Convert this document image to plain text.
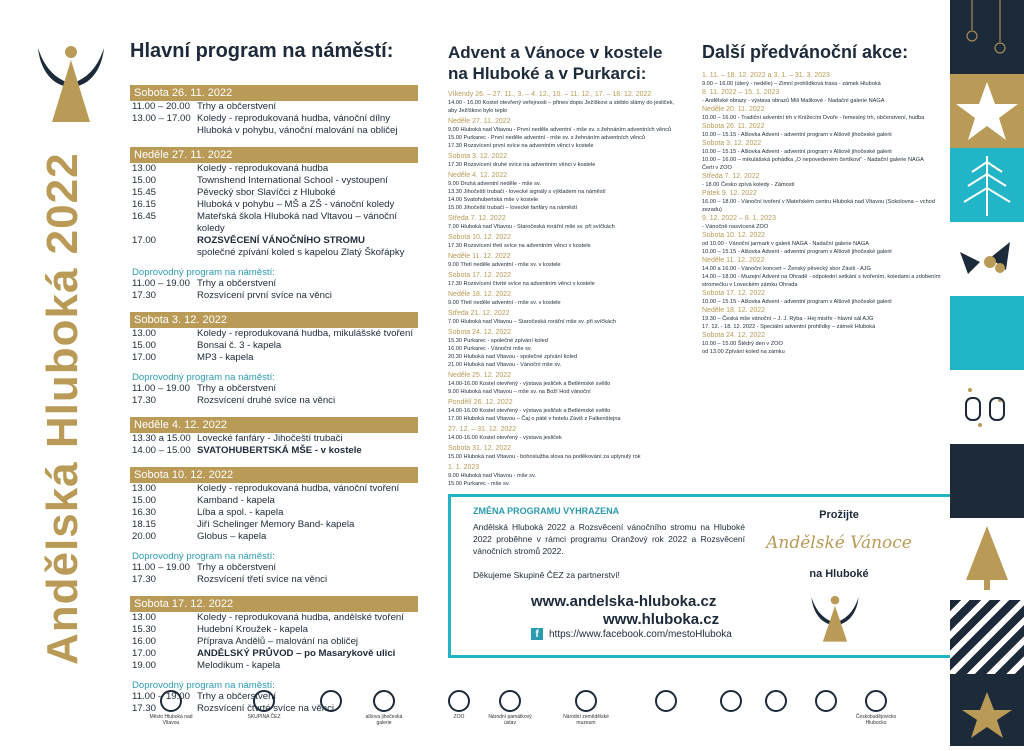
Andělská Hluboká 2022
Hlavní program na náměstí:
Sobota 26. 11. 2022
11.00 – 20.00 Trhy a občerstvení
13.00 – 17.00 Koledy - reprodukovaná hudba, vánoční dílny
Hluboká v pohybu, vánoční malování na obličej
Neděle 27. 11. 2022
13.00	Koledy - reprodukovaná hudba
15.00	Townshend International School - vystoupení
15.45	Pěvecký sbor Slavíčci z Hluboké
16.15	Hluboká v pohybu – MŠ a ZŠ - vánoční koledy
16.45	Mateřská škola Hluboká nad Vltavou – vánoční koledy
17.00	ROZSVĚCENÍ VÁNOČNÍHO STROMU
společné zpívání koled s kapelou Zlatý Škořápky
Doprovodný program na náměstí:
11.00 – 19.00 Trhy a občerstvení
17.30	Rozsvícení první svíce na věnci
Sobota 3. 12. 2022
13.00	Koledy - reprodukovaná hudba, mikulášské tvoření
15.00	Bonsai č. 3 - kapela
17.00	MP3 - kapela
Doprovodný program na náměstí:
11.00 – 19.00 Trhy a občerstvení
17.30	Rozsvícení druhé svíce na věnci
Neděle 4. 12. 2022
13.30 a 15.00 Lovecké fanfáry - Jihočeští trubači
14.00 – 15.00 SVATOHUBERTSKÁ MŠE - v kostele
Sobota 10. 12. 2022
13.00	Koledy - reprodukovaná hudba, vánoční tvoření
15.00	Kamband - kapela
16.30	Líba a spol. - kapela
18.15	Jiří Schelinger Memory Band- kapela
20.00	Globus – kapela
Doprovodný program na náměstí:
11.00 – 19.00 Trhy a občerstvení
17.30	Rozsvícení třetí svíce na věnci
Sobota 17. 12. 2022
13.00	Koledy - reprodukovaná hudba, andělské tvoření
15.30	Hudební Kroužek - kapela
16.00	Příprava Andělů – malování na obličej
17.00	ANDĚLSKÝ PRŮVOD – po Masarykově ulici
19.00	Melodikum - kapela
Doprovodný program na náměstí:
11.00 – 19.00 Trhy a občerstvení
17.30	Rozsvícení čtvrté svíce na věnci
Advent a Vánoce v kostele
na Hluboké a v Purkarci:
Víkendy 26. – 27. 11., 3. – 4. 12., 10. – 11. 12., 17. – 18. 12. 2022
14.00 - 16.00 Kostel otevřený veřejnosti – přines dopis Ježíškovi a stéblo slámy do jesliček, aby Ježíškovi bylo teplo
Neděle 27. 11. 2022
9.00 Hluboká nad Vltavou - První neděle adventní - mše sv. s žehnáním adventních věnců
15.00 Purkarec - První neděle adventní - mše sv. s žehnáním adventních věnců
17.30 Rozsvícení první svíce na adventním věnci v kostele
Sobota 3. 12. 2022
17.30 Rozsvícení druhé svíce na adventním věnci v kostele
Neděle 4. 12. 2022
9.00 Druhá adventní neděle - mše sv.
13.30 Jihočeští trubači - lovecké signály s výkladem na náměstí
14.00 Svatohubertská mše v kostele
15.00 Jihočeští trubači – lovecké fanfáry na náměstí
Středa 7. 12. 2022
7.00 Hluboká nad Vltavou - Staročeská roráťní mše sv. při svíčkách
Sobota 10. 12. 2022
17.30 Rozsvícení třetí svíce na adventním věnci v kostele
Neděle 11. 12. 2022
9.00 Třetí neděle adventní - mše sv. v kostele
Sobota 17. 12. 2022
17.30 Rozsvícení čtvrté svíce na adventním věnci v kostele
Neděle 18. 12. 2022
9.00 Třetí neděle adventní - mše sv. v kostele
Středa 21. 12. 2022
7.00 Hluboká nad Vltavou – Staročeská roráťní mše sv. při svíčkách
Sobota 24. 12. 2022
15.30 Purkarec - společné zpívání koled
16.00 Purkarec - Vánoční mše sv.
20.30 Hluboká nad Vltavou - společné zpívání koled
21.00 Hluboká nad Vltavou - Vánoční mše sv.
Neděle 25. 12. 2022
14.00-16.00 Kostel otevřený - výstava jesliček a Betlémské světlo
9.00 Hluboká nad Vltavou – mše sv. na Boží Hod vánoční
Pondělí 26. 12. 2022
14.00-16.00 Kostel otevřený - výstava jesliček a Betlémské světlo
17.00 Hluboká nad Vltavou – Čaj o páté v hotelu Záviš z Falkenštejna
27. 12. – 31. 12. 2022
14.00-16.00 Kostel otevřený - výstava jesliček
Sobota 31. 12. 2022
15.00 Hluboká nad Vltavou - bohoslužba slova na poděkování za uplynulý rok
1. 1. 2023
9.00 Hluboká nad Vltavou - mše sv.
15.00 Purkarec - mše sv.
Další předvánoční akce:
1. 11. – 18. 12. 2022 a 3. 1. – 31. 3. 2023
9.00 – 16.00 (úterý - neděle) – Zimní prohlídková trasa - zámek Hluboká
8. 11. 2022 – 15. 1. 2023
- Andělské obrazy - výstava obrazů Mili Maškové - Nadační galerie NAGA
Neděle 20. 11. 2022
10.00 – 16.00 - Tradiční adventní trh v Knížecím Dvoře - řemeslný trh, občerstvení, hudba
Sobota 26. 11. 2022
10.00 – 15.15 - Alšovka Advent - adventní program v Alšově jihočeské galerii
Sobota 3. 12. 2022
10.00 – 15.15 - Alšovka Advent - adventní program v Alšově jihočeské galerii
10.00 – 16.00 – mikulášská pohádka „O nepovedeném čertíkovi" - Nadační galerie NAGA
Čerti v ZOO
Středa 7. 12. 2022
- 18.00 Česko zpívá koledy - Zámostí
Pátek 9. 12. 2022
16.00 – 18.00 - Vánoční tvoření v Mateřském centru Hluboká nad Vltavou (Sokolovna – vchod zezadu)
9. 12. 2022 – 8. 1. 2023
- Vánočně nasvícená ZOO
Sobota 10. 12. 2022
od 10.00 - Vánoční jarmark v galerii NAGA - Nadační galerie NAGA
10.00 – 15.15 - Alšovka Advent - adventní program v Alšově jihočeské galerii
Neděle 11. 12. 2022
14.00 a 16.00 - Vánoční koncert – Ženský pěvecký sbor Záviš - AJG
14.00 – 18.00 - Muzejní Advent na Ohradě - odpolední setkání s tvořením, koledami a zdobením stromečku v Loveckém zámku Ohrada
Sobota 17. 12. 2022
10.00 – 15.15 - Alšovka Advent - adventní program v Alšově jihočeské galerii
Neděle 18. 12. 2022
19.30 – Česká mše vánoční – J. J. Ryba - Hej mistře - hlavní sál AJG
17. 12. - 18. 12. 2022 - Speciální adventní prohlídky – zámek Hluboká
Sobota 24. 12. 2022
10.00 – 15.00 Štědrý den v ZOO
od 13.00 Zpívání koled na zámku
ZMĚNA PROGRAMU VYHRAZENA
Andělská Hluboká 2022 a Rozsvěcení vánočního stromu na Hluboké 2022 proběhne v rámci programu Oranžový rok 2022 a Rozsvěcení vánočních stromů 2022.
Děkujeme Skupině ČEZ za partnerství!
www.andelska-hluboka.cz
www.hluboka.cz
f	https://www.facebook.com/mestoHluboka
Prožijte
Andělské Vánoce
na Hluboké
Město Hluboká nad Vltavou
SKUPINA ČEZ	alšova jihočeská galerie
ZOO	Národní památkový ústav
Národní zemědělské muzeum
Českobudějovicko Hlubocko
